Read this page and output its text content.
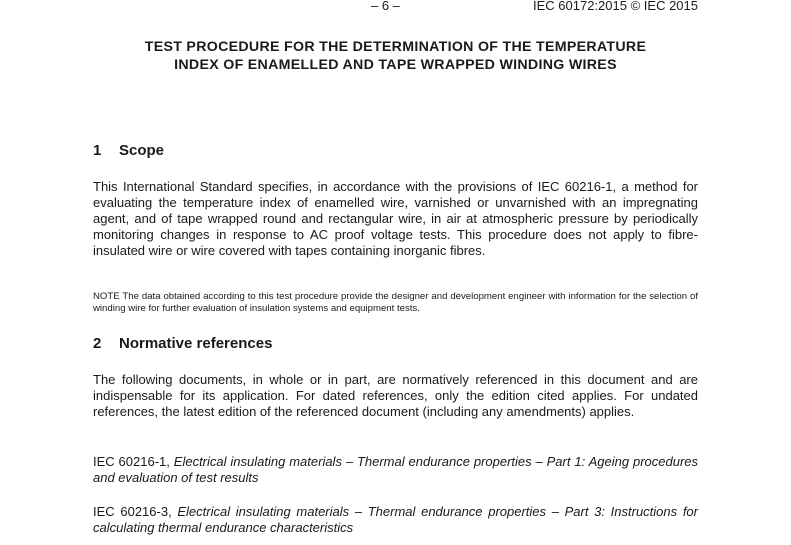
– 6 –	IEC 60172:2015 © IEC 2015
TEST PROCEDURE FOR THE DETERMINATION OF THE TEMPERATURE
INDEX OF ENAMELLED AND TAPE WRAPPED WINDING WIRES
1 Scope
This International Standard specifies, in accordance with the provisions of IEC 60216-1, a method for evaluating the temperature index of enamelled wire, varnished or unvarnished with an impregnating agent, and of tape wrapped round and rectangular wire, in air at atmospheric pressure by periodically monitoring changes in response to AC proof voltage tests. This procedure does not apply to fibre-insulated wire or wire covered with tapes containing inorganic fibres.
NOTE The data obtained according to this test procedure provide the designer and development engineer with information for the selection of winding wire for further evaluation of insulation systems and equipment tests.
2 Normative references
The following documents, in whole or in part, are normatively referenced in this document and are indispensable for its application. For dated references, only the edition cited applies. For undated references, the latest edition of the referenced document (including any amendments) applies.
IEC 60216-1, Electrical insulating materials – Thermal endurance properties – Part 1: Ageing procedures and evaluation of test results
IEC 60216-3, Electrical insulating materials – Thermal endurance properties – Part 3: Instructions for calculating thermal endurance characteristics
